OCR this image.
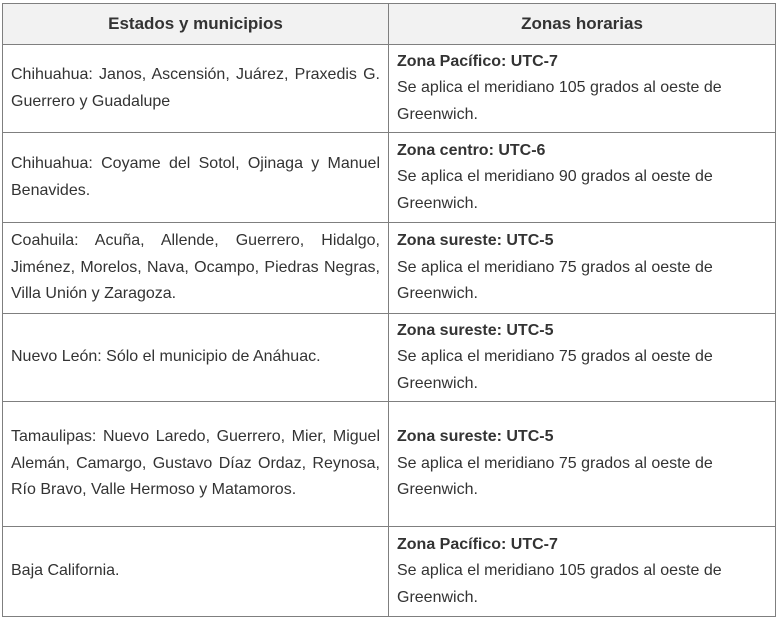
Estados y municipios	Zonas horarias
Chihuahua: Janos, Ascensión, Juárez, Praxedis G. Guerrero y Guadalupe	Zona Pacífico: UTC-7
Se aplica el meridiano 105 grados al oeste de Greenwich.

Chihuahua: Coyame del Sotol, Ojinaga y Manuel Benavides.	Zona centro: UTC-6
Se aplica el meridiano 90 grados al oeste de Greenwich.

Coahuila: Acuña, Allende, Guerrero, Hidalgo, Jiménez, Morelos, Nava, Ocampo, Piedras Negras, Villa Unión y Zaragoza.	Zona sureste: UTC-5
Se aplica el meridiano 75 grados al oeste de Greenwich.

Nuevo León: Sólo el municipio de Anáhuac.	Zona sureste: UTC-5
Se aplica el meridiano 75 grados al oeste de Greenwich.

Tamaulipas: Nuevo Laredo, Guerrero, Mier, Miguel Alemán, Camargo, Gustavo Díaz Ordaz, Reynosa, Río Bravo, Valle Hermoso y Matamoros.	Zona sureste: UTC-5
Se aplica el meridiano 75 grados al oeste de Greenwich.

Baja California.	Zona Pacífico: UTC-7
Se aplica el meridiano 105 grados al oeste de Greenwich.
